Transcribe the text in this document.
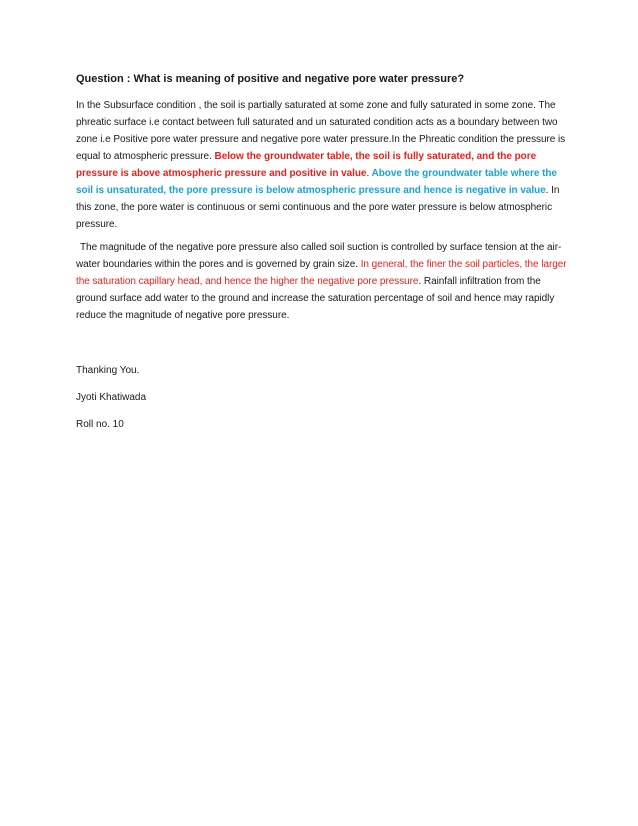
Question : What is meaning of positive and negative pore water pressure?

In the Subsurface condition , the soil is partially saturated at some zone and fully saturated in some zone. The phreatic surface i.e contact between full saturated and un saturated condition acts as a boundary between two zone i.e Positive pore water pressure and negative pore water pressure.In the Phreatic condition the pressure is equal to atmospheric pressure. Below the groundwater table, the soil is fully saturated, and the pore pressure is above atmospheric pressure and positive in value. Above the groundwater table where the soil is unsaturated, the pore pressure is below atmospheric pressure and hence is negative in value. In this zone, the pore water is continuous or semi continuous and the pore water pressure is below atmospheric pressure.

The magnitude of the negative pore pressure also called soil suction is controlled by surface tension at the air-water boundaries within the pores and is governed by grain size. In general, the finer the soil particles, the larger the saturation capillary head, and hence the higher the negative pore pressure. Rainfall infiltration from the ground surface add water to the ground and increase the saturation percentage of soil and hence may rapidly reduce the magnitude of negative pore pressure.

Thanking You.

Jyoti Khatiwada

Roll no. 10
